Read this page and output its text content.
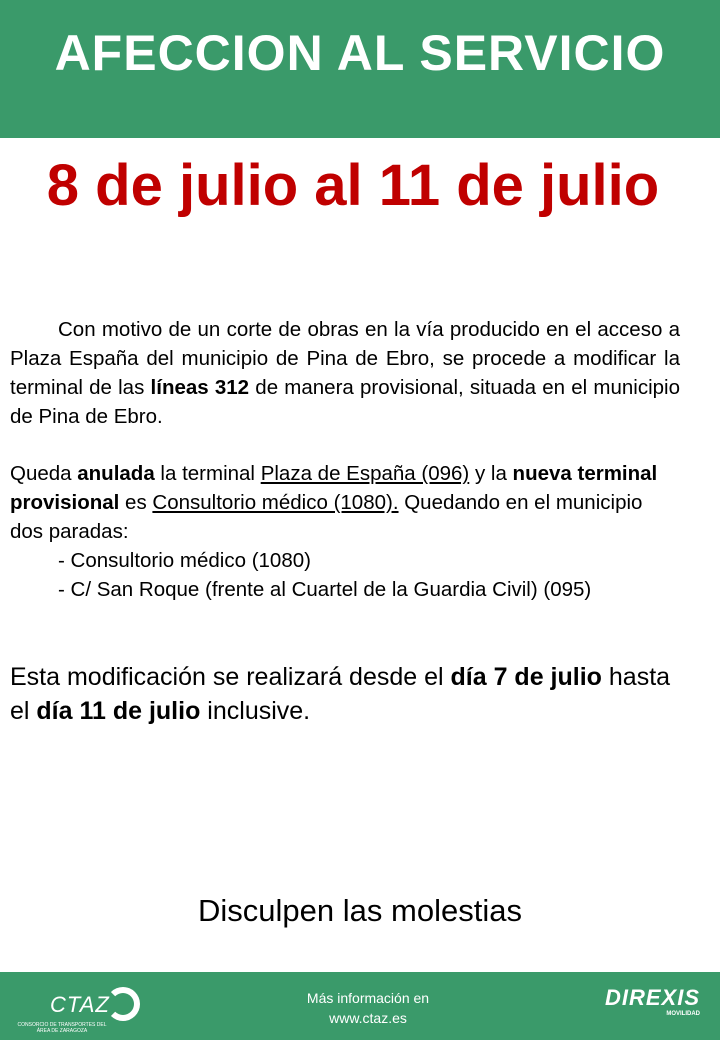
AFECCION AL SERVICIO

8 de julio al 11 de julio

Con motivo de un corte de obras en la vía producido en el acceso a Plaza España del municipio de Pina de Ebro, se procede a modificar la terminal de las líneas 312 de manera provisional, situada en el municipio de Pina de Ebro.

Queda anulada la terminal Plaza de España (096) y la nueva terminal provisional es Consultorio médico (1080). Quedando en el municipio dos paradas:

- Consultorio médico (1080)
- C/ San Roque (frente al Cuartel de la Guardia Civil) (095)

Esta modificación se realizará desde el día 7 de julio hasta el día 11 de julio inclusive.

Disculpen las molestias

CTAZ
CONSORCIO DE TRANSPORTES DEL ÁREA DE ZARAGOZA
Más información en
www.ctaz.es
DIREXIS
MOVILIDAD
